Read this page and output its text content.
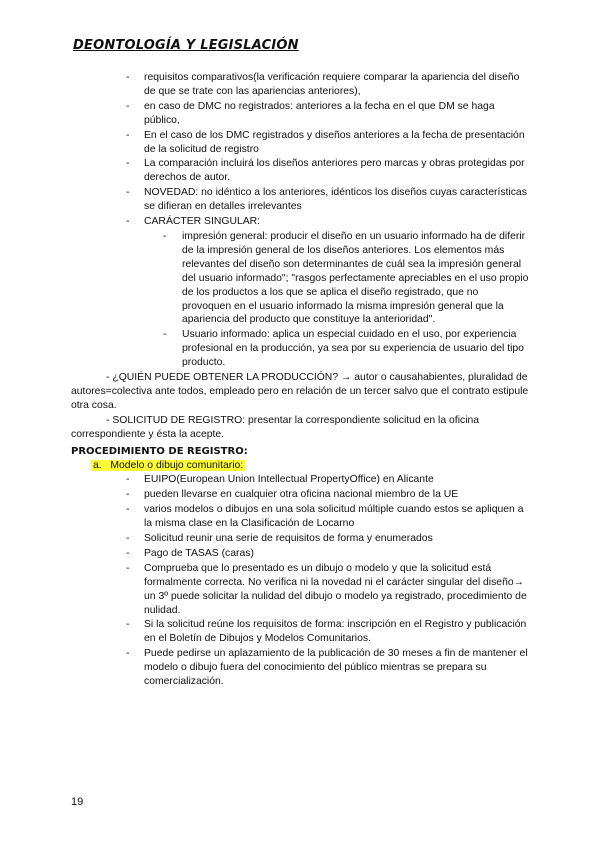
DEONTOLOGÍA Y LEGISLACIÓN
- requisitos comparativos(la verificación requiere comparar la apariencia del diseño de que se trate con las apariencias anteriores),
- en caso de DMC no registrados: anteriores a la fecha en el que DM se haga público,
- En el caso de los DMC registrados y diseños anteriores a la fecha de presentación de la solicitud de registro
- La comparación incluirá los diseños anteriores pero marcas y obras protegidas por derechos de autor.
- NOVEDAD: no idéntico a los anteriores, idénticos los diseños cuyas características se difieran en detalles irrelevantes
- CARÁCTER SINGULAR:
- impresión general: producir el diseño en un usuario informado ha de diferir de la impresión general de los diseños anteriores. Los elementos más relevantes del diseño son determinantes de cuál sea la impresión general del usuario informado"; "rasgos perfectamente apreciables en el uso propio de los productos a los que se aplica el diseño registrado, que no provoquen en el usuario informado la misma impresión general que la apariencia del producto que constituye la anterioridad".
- Usuario informado: aplica un especial cuidado en el uso, por experiencia profesional en la producción, ya sea por su experiencia de usuario del tipo producto.

- ¿QUIÉN PUEDE OBTENER LA PRODUCCIÓN? → autor o causahabientes, pluralidad de autores=colectiva ante todos, empleado pero en relación de un tercer salvo que el contrato estipule otra cosa.

- SOLICITUD DE REGISTRO: presentar la correspondiente solicitud en la oficina correspondiente y ésta la acepte.

PROCEDIMIENTO DE REGISTRO:
a. Modelo o dibujo comunitario:
- EUIPO(European Union Intellectual PropertyOffice) en Alicante
- pueden llevarse en cualquier otra oficina nacional miembro de la UE
- varios modelos o dibujos en una sola solicitud múltiple cuando estos se apliquen a la misma clase en la Clasificación de Locarno
- Solicitud reunir una serie de requisitos de forma y enumerados
- Pago de TASAS (caras)
- Comprueba que lo presentado es un dibujo o modelo y que la solicitud está formalmente correcta. No verifica ni la novedad ni el carácter singular del diseño→ un 3º puede solicitar la nulidad del dibujo o modelo ya registrado, procedimiento de nulidad.
- Si la solicitud reúne los requisitos de forma: inscripción en el Registro y publicación en el Boletín de Dibujos y Modelos Comunitarios.
- Puede pedirse un aplazamiento de la publicación de 30 meses a fin de mantener el modelo o dibujo fuera del conocimiento del público mientras se prepara su comercialización.
19
